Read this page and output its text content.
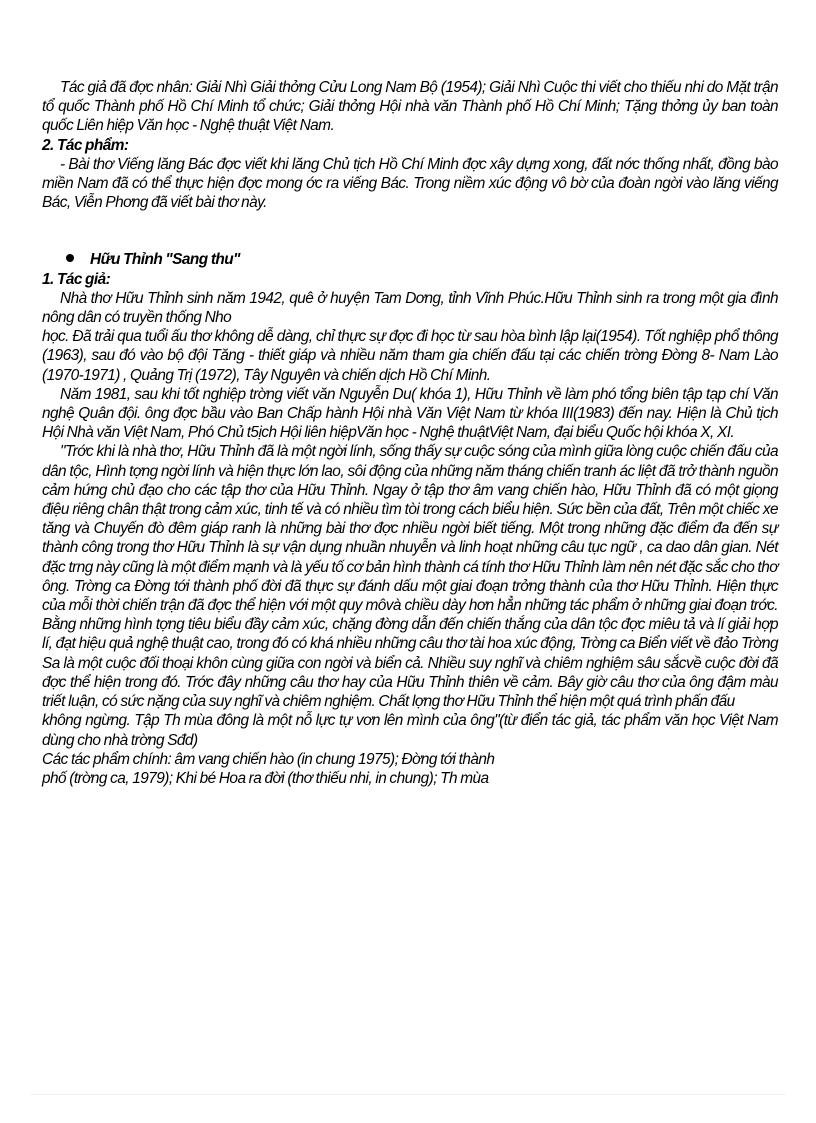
Tác giả đã đợc nhân: Giải Nhì Giải thởng Cửu Long Nam Bộ (1954); Giải Nhì Cuộc thi viết cho thiếu nhi do Mặt trận tổ quốc Thành phố Hồ Chí Minh tổ chức; Giải thởng Hội nhà văn Thành phố Hồ Chí Minh; Tặng thởng ủy ban toàn quốc Liên hiệp Văn học - Nghệ thuật Việt Nam.

2. Tác phẩm:

- Bài thơ Viếng lăng Bác đợc viết khi lăng Chủ tịch Hồ Chí Minh đợc xây dựng xong, đất nớc thống nhất, đồng bào miền Nam đã có thể thực hiện đợc mong ớc ra viếng Bác. Trong niềm xúc động vô bờ của đoàn ngời vào lăng viếng Bác, Viễn Phơng đã viết bài thơ này.

Hữu Thỉnh "Sang thu"

1. Tác giả:

Nhà thơ Hữu Thỉnh sinh năm 1942, quê ở huyện Tam Dơng, tỉnh Vĩnh Phúc.Hữu Thỉnh sinh ra trong một gia đình nông dân có truyền thống Nho

học. Đã trải qua tuổi ấu thơ không dễ dàng, chỉ thực sự đợc đi học từ sau hòa bình lập lại(1954). Tốt nghiệp phổ thông (1963), sau đó vào bộ đội Tăng - thiết giáp và nhiều năm tham gia chiến đấu tại các chiến trờng Đờng 8- Nam Lào (1970-1971) , Quảng Trị (1972), Tây Nguyên và chiến dịch Hồ Chí Minh.

Năm 1981, sau khi tốt nghiệp trờng viết văn Nguyễn Du( khóa 1), Hữu Thỉnh về làm phó tổng biên tập tạp chí Văn nghệ Quân đội. ông đợc bầu vào Ban Chấp hành Hội nhà Văn Việt Nam từ khóa III(1983) đến nay. Hiện là Chủ tịch Hội Nhà văn Việt Nam, Phó Chủ t5ịch Hội liên hiệpVăn học - Nghệ thuậtViệt Nam, đại biểu Quốc hội khóa X, XI.

"Trớc khi là nhà thơ, Hữu Thỉnh đã là một ngời lính, sống thấy sự cuộc sóng của mình giữa lòng cuộc chiến đấu của dân tộc, Hình tợng ngời lính và hiện thực lớn lao, sôi động của những năm tháng chiến tranh ác liệt đã trở thành nguồn cảm hứng chủ đạo cho các tập thơ của Hữu Thỉnh. Ngay ở tập thơ âm vang chiến hào, Hữu Thỉnh đã có một giọng điệu riêng chân thật trong cảm xúc, tinh tế và có nhiều tìm tòi trong cách biểu hiện. Sức bền của đất, Trên một chiếc xe tăng và Chuyến đò đêm giáp ranh là những bài thơ đợc nhiều ngời biết tiếng. Một trong những đặc điểm đa đến sự thành công trong thơ Hữu Thỉnh là sự vận dụng nhuần nhuyễn và linh hoạt những câu tục ngữ , ca dao dân gian. Nét đặc trng này cũng là một điểm mạnh và là yếu tố cơ bản hình thành cá tính thơ Hữu Thỉnh làm nên nét đặc sắc cho thơ ông. Trờng ca Đờng tới thành phố đời đã thực sự đánh dấu một giai đoạn trởng thành của thơ Hữu Thỉnh. Hiện thực của mỗi thời chiến trận đã đợc thể hiện với một quy môvà chiều dày hơn hẳn những tác phẩm ở những giai đoạn trớc. Bằng những hình tợng tiêu biểu đầy cảm xúc, chặng đờng dẫn đến chiến thắng của dân tộc đợc miêu tả và lí giải hợp lí, đạt hiệu quả nghệ thuật cao, trong đó có khá nhiều những câu thơ tài hoa xúc động, Trờng ca Biển viết về đảo Trờng Sa là một cuộc đối thoại khôn cùng giữa con ngời và biển cả. Nhiều suy nghĩ và chiêm nghiệm sâu sắcvề cuộc đời đã đợc thể hiện trong đó. Trớc đây những câu thơ hay của Hữu Thỉnh thiên về cảm. Bây giờ câu thơ của ông đậm màu triết luận, có sức nặng của suy nghĩ và chiêm nghiệm. Chất lợng thơ Hữu Thỉnh thể hiện một quá trình phấn đấu

không ngừng. Tập Th mùa đông là một nỗ lực tự vơn lên mình của ông"(từ điển tác giả, tác phẩm văn học Việt Nam dùng cho nhà trờng Sđd)

Các tác phẩm chính: âm vang chiến hào (in chung 1975); Đờng tới thành

phố (trờng ca, 1979); Khi bé Hoa ra đời (thơ thiếu nhi, in chung); Th mùa
